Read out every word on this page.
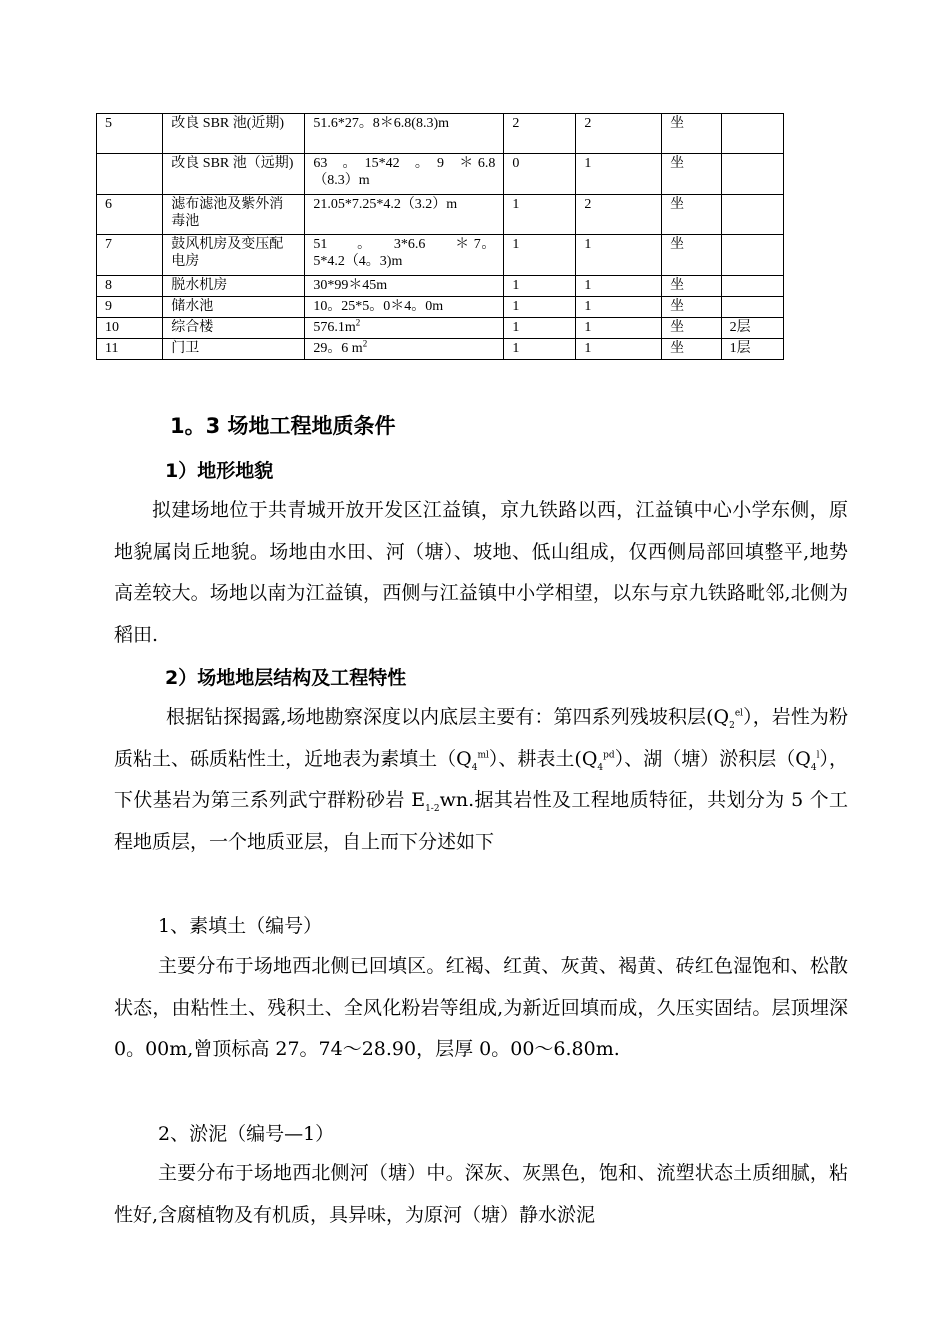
5	改良 SBR 池(近期)	51.6*27。8＊6.8(8.3)m	2	2	坐	
	改良 SBR 池（远期)	63　。　15*42　。　9　＊ 6.8（8.3）m	0	1	坐	
6	滤布滤池及紫外消毒池	21.05*7.25*4.2（3.2）m	1	2	坐	
7	鼓风机房及变压配电房	51　　。　　3*6.6　　＊ 7。5*4.2（4。3)m	1	1	坐	
8	脱水机房	30*99＊45m	1	1	坐	
9	储水池	10。25*5。0＊4。0m	1	1	坐	
10	综合楼	$576.1m^2$	1	1	坐	2层
11	门卫	29。6 $m^2$	1	1	坐	1层
1。3 场地工程地质条件
1）地形地貌
拟建场地位于共青城开放开发区江益镇，京九铁路以西，江益镇中心小学东侧，原地貌属岗丘地貌。场地由水田、河（塘）、坡地、低山组成，仅西侧局部回填整平,地势高差较大。场地以南为江益镇，西侧与江益镇中小学相望，以东与京九铁路毗邻,北侧为稻田.
2）场地地层结构及工程特性
根据钻探揭露,场地勘察深度以内底层主要有：第四系列残坡积层$(Q_2^{el})$，岩性为粉质粘土、砾质粘性土，近地表为素填土$(Q_4^{ml})$、耕表土$(Q_4^{pd})$、湖（塘）淤积层$(Q_4^l)$，下伏基岩为第三系列武宁群粉砂岩 $E_{1-2}wn$.据其岩性及工程地质特征，共划分为 5 个工程地质层，一个地质亚层，自上而下分述如下
1、素填土（编号）
主要分布于场地西北侧已回填区。红褐、红黄、灰黄、褐黄、砖红色湿饱和、松散状态，由粘性土、残积土、全风化粉岩等组成,为新近回填而成，久压实固结。层顶埋深 0。00m,曾顶标高 27。74～28.90，层厚 0。00～6.80m.
2、淤泥（编号—1）
主要分布于场地西北侧河（塘）中。深灰、灰黑色，饱和、流塑状态土质细腻，粘性好,含腐植物及有机质，具异味，为原河（塘）静水淤泥
